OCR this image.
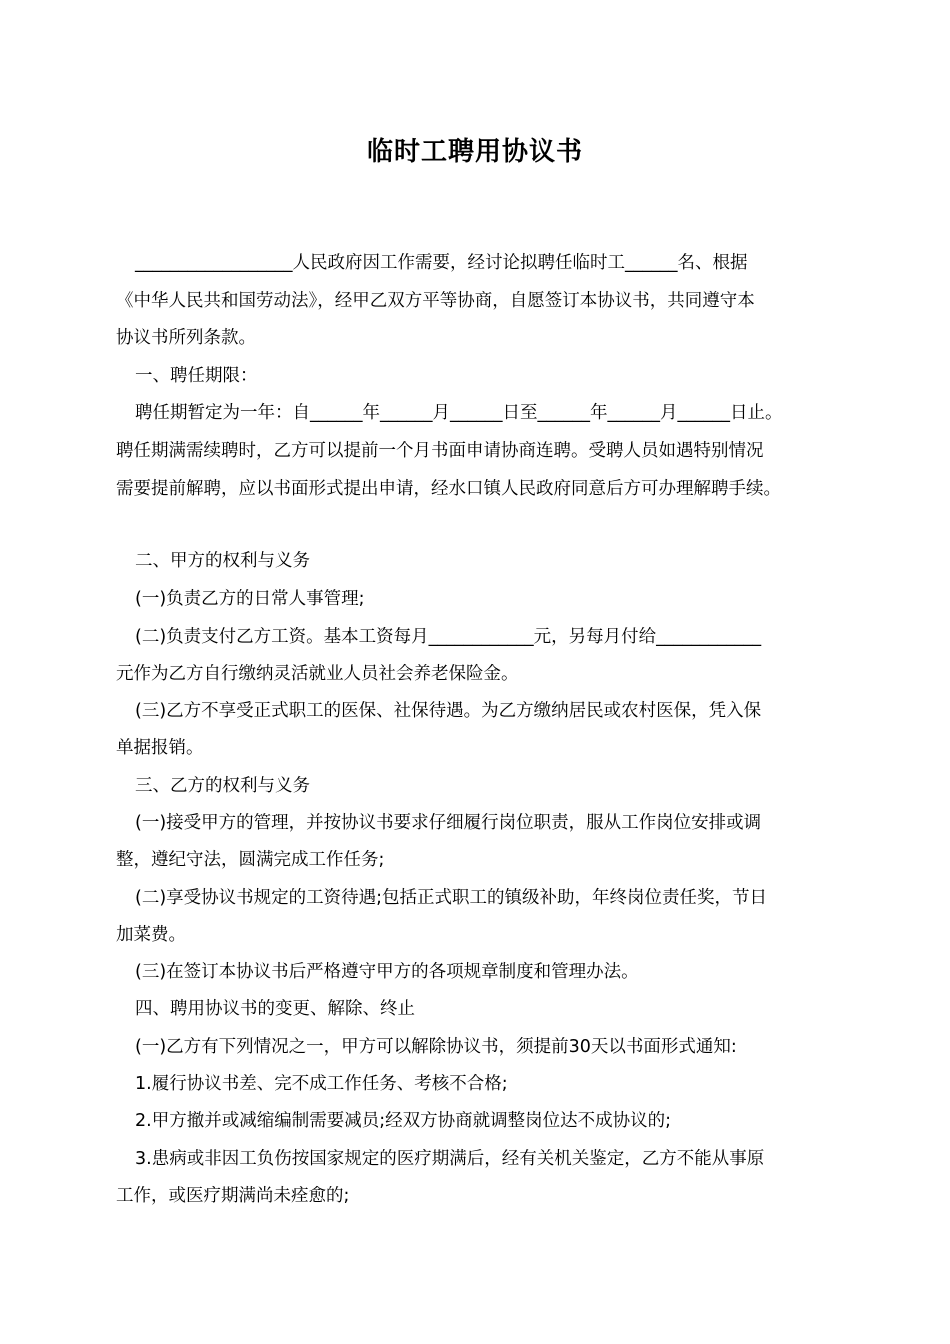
临时工聘用协议书
__________________人民政府因工作需要，经讨论拟聘任临时工______名、根据
《中华人民共和国劳动法》，经甲乙双方平等协商，自愿签订本协议书，共同遵守本
协议书所列条款。
一、聘任期限：
聘任期暂定为一年：自______年______月______日至______年______月______日止。
聘任期满需续聘时，乙方可以提前一个月书面申请协商连聘。受聘人员如遇特别情况
需要提前解聘，应以书面形式提出申请，经水口镇人民政府同意后方可办理解聘手续。
二、甲方的权利与义务
(一)负责乙方的日常人事管理;
(二)负责支付乙方工资。基本工资每月____________元，另每月付给____________
元作为乙方自行缴纳灵活就业人员社会养老保险金。
(三)乙方不享受正式职工的医保、社保待遇。为乙方缴纳居民或农村医保，凭入保
单据报销。
三、乙方的权利与义务
(一)接受甲方的管理，并按协议书要求仔细履行岗位职责，服从工作岗位安排或调
整，遵纪守法，圆满完成工作任务;
(二)享受协议书规定的工资待遇;包括正式职工的镇级补助，年终岗位责任奖，节日
加菜费。
(三)在签订本协议书后严格遵守甲方的各项规章制度和管理办法。
四、聘用协议书的变更、解除、终止
(一)乙方有下列情况之一，甲方可以解除协议书，须提前30天以书面形式通知:
1.履行协议书差、完不成工作任务、考核不合格;
2.甲方撤并或减缩编制需要减员;经双方协商就调整岗位达不成协议的;
3.患病或非因工负伤按国家规定的医疗期满后，经有关机关鉴定，乙方不能从事原
工作，或医疗期满尚未痊愈的;
